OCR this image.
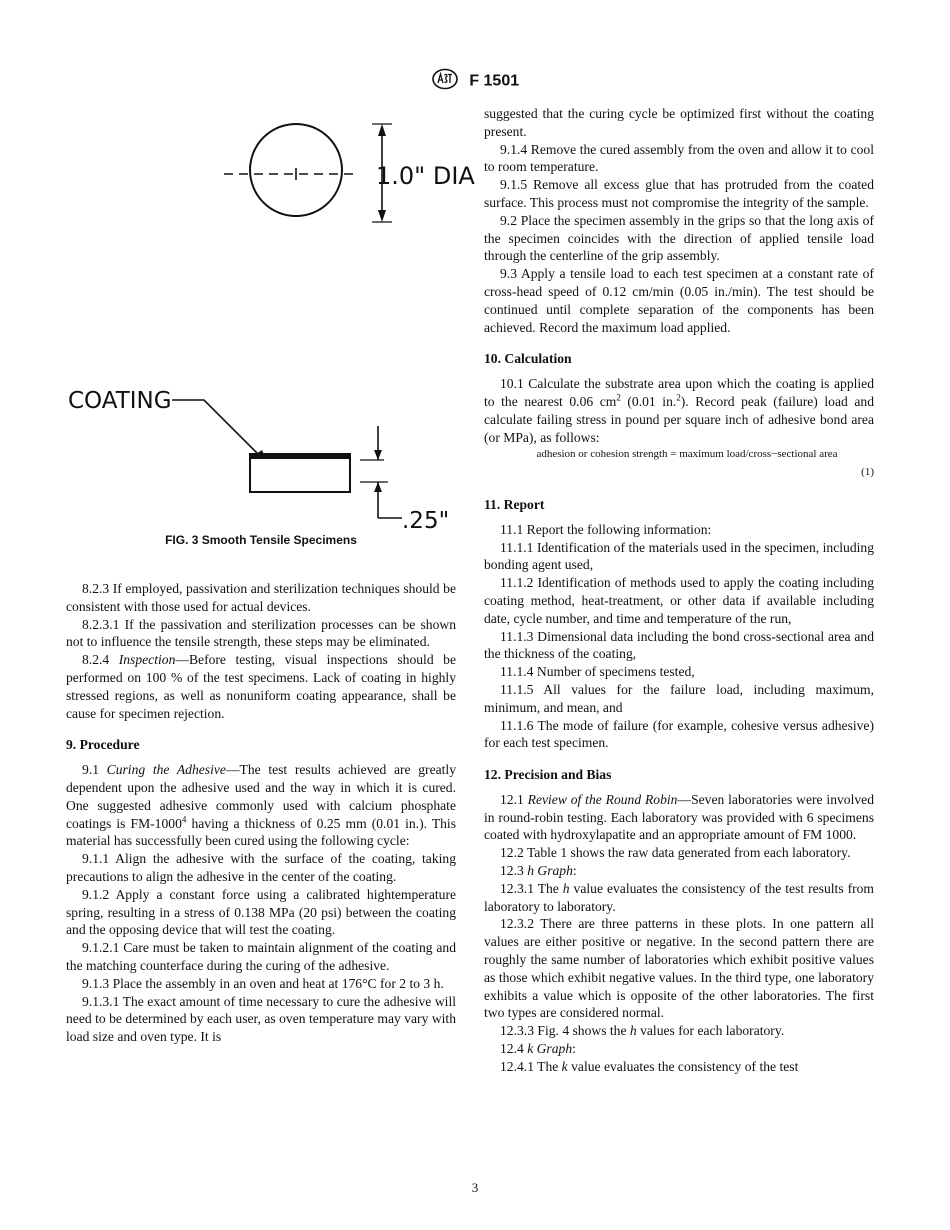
F 1501
1.0" DIA
COATING
.25"
FIG. 3 Smooth Tensile Specimens

8.2.3 If employed, passivation and sterilization techniques should be consistent with those used for actual devices.

8.2.3.1 If the passivation and sterilization processes can be shown not to influence the tensile strength, these steps may be eliminated.

8.2.4 Inspection—Before testing, visual inspections should be performed on 100 % of the test specimens. Lack of coating in highly stressed regions, as well as nonuniform coating appearance, shall be cause for specimen rejection.

9. Procedure

9.1 Curing the Adhesive—The test results achieved are greatly dependent upon the adhesive used and the way in which it is cured. One suggested adhesive commonly used with calcium phosphate coatings is FM-1000$^4$ having a thickness of 0.25 mm (0.01 in.). This material has successfully been cured using the following cycle:

9.1.1 Align the adhesive with the surface of the coating, taking precautions to align the adhesive in the center of the coating.

9.1.2 Apply a constant force using a calibrated hightemperature spring, resulting in a stress of 0.138 MPa (20 psi) between the coating and the opposing device that will test the coating.

9.1.2.1 Care must be taken to maintain alignment of the coating and the matching counterface during the curing of the adhesive.

9.1.3 Place the assembly in an oven and heat at 176°C for 2 to 3 h.

9.1.3.1 The exact amount of time necessary to cure the adhesive will need to be determined by each user, as oven temperature may vary with load size and oven type. It is

suggested that the curing cycle be optimized first without the coating present.

9.1.4 Remove the cured assembly from the oven and allow it to cool to room temperature.

9.1.5 Remove all excess glue that has protruded from the coated surface. This process must not compromise the integrity of the sample.

9.2 Place the specimen assembly in the grips so that the long axis of the specimen coincides with the direction of applied tensile load through the centerline of the grip assembly.

9.3 Apply a tensile load to each test specimen at a constant rate of cross-head speed of 0.12 cm/min (0.05 in./min). The test should be continued until complete separation of the components has been achieved. Record the maximum load applied.

10. Calculation

10.1 Calculate the substrate area upon which the coating is applied to the nearest 0.06 $cm^2$ (0.01 in.$^2$). Record peak (failure) load and calculate failing stress in pound per square inch of adhesive bond area (or MPa), as follows:

adhesion or cohesion strength = maximum load/cross−sectional area

(1)

11. Report

11.1 Report the following information:

11.1.1 Identification of the materials used in the specimen, including bonding agent used,

11.1.2 Identification of methods used to apply the coating including coating method, heat-treatment, or other data if available including date, cycle number, and time and temperature of the run,

11.1.3 Dimensional data including the bond cross-sectional area and the thickness of the coating,

11.1.4 Number of specimens tested,

11.1.5 All values for the failure load, including maximum, minimum, and mean, and

11.1.6 The mode of failure (for example, cohesive versus adhesive) for each test specimen.

12. Precision and Bias

12.1 Review of the Round Robin—Seven laboratories were involved in round-robin testing. Each laboratory was provided with 6 specimens coated with hydroxylapatite and an appropriate amount of FM 1000.

12.2 Table 1 shows the raw data generated from each laboratory.

12.3 h Graph:

12.3.1 The h value evaluates the consistency of the test results from laboratory to laboratory.

12.3.2 There are three patterns in these plots. In one pattern all values are either positive or negative. In the second pattern there are roughly the same number of laboratories which exhibit positive values as those which exhibit negative values. In the third type, one laboratory exhibits a value which is opposite of the other laboratories. The first two types are considered normal.

12.3.3 Fig. 4 shows the h values for each laboratory.

12.4 k Graph:

12.4.1 The k value evaluates the consistency of the test

3
